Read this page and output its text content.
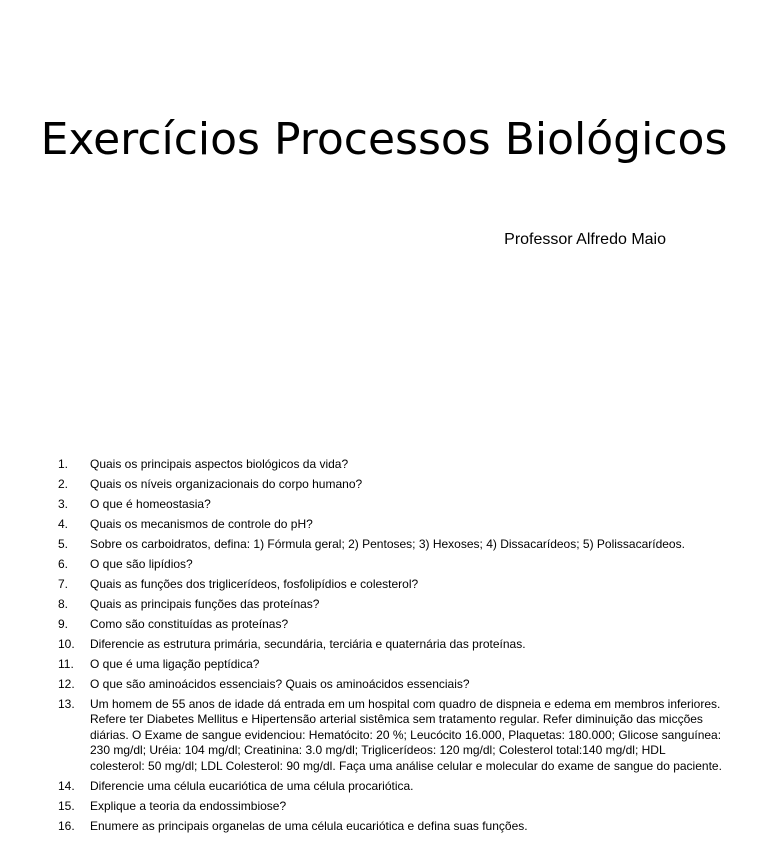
Exercícios Processos Biológicos
Professor Alfredo Maio
1.	Quais os principais aspectos biológicos da vida?
2.	Quais os níveis organizacionais do corpo humano?
3.	O que é homeostasia?
4.	Quais os mecanismos de controle do pH?
5.	Sobre os carboidratos, defina: 1) Fórmula geral; 2) Pentoses; 3) Hexoses; 4) Dissacarídeos; 5) Polissacarídeos.
6.	O que são lipídios?
7.	Quais as funções dos triglicerídeos, fosfolipídios e colesterol?
8.	Quais as principais funções das proteínas?
9.	Como são constituídas as proteínas?
10.	Diferencie as estrutura primária, secundária, terciária e quaternária das proteínas.
11.	O que é uma ligação peptídica?
12.	O que são aminoácidos essenciais? Quais os aminoácidos essenciais?
13.	Um homem de 55 anos de idade dá entrada em um hospital com quadro de dispneia e edema em membros inferiores. Refere ter Diabetes Mellitus e Hipertensão arterial sistêmica sem tratamento regular. Refer diminuição das micções diárias. O Exame de sangue evidenciou: Hematócito: 20 %; Leucócito 16.000, Plaquetas: 180.000; Glicose sanguínea: 230 mg/dl; Uréia: 104 mg/dl; Creatinina: 3.0 mg/dl; Triglicerídeos: 120 mg/dl; Colesterol total:140 mg/dl; HDL colesterol: 50 mg/dl; LDL Colesterol: 90 mg/dl. Faça uma análise celular e molecular do exame de sangue do paciente.
14.	Diferencie uma célula eucariótica de uma célula procariótica.
15.	Explique a teoria da endossimbiose?
16.	Enumere as principais organelas de uma célula eucariótica e defina suas funções.
